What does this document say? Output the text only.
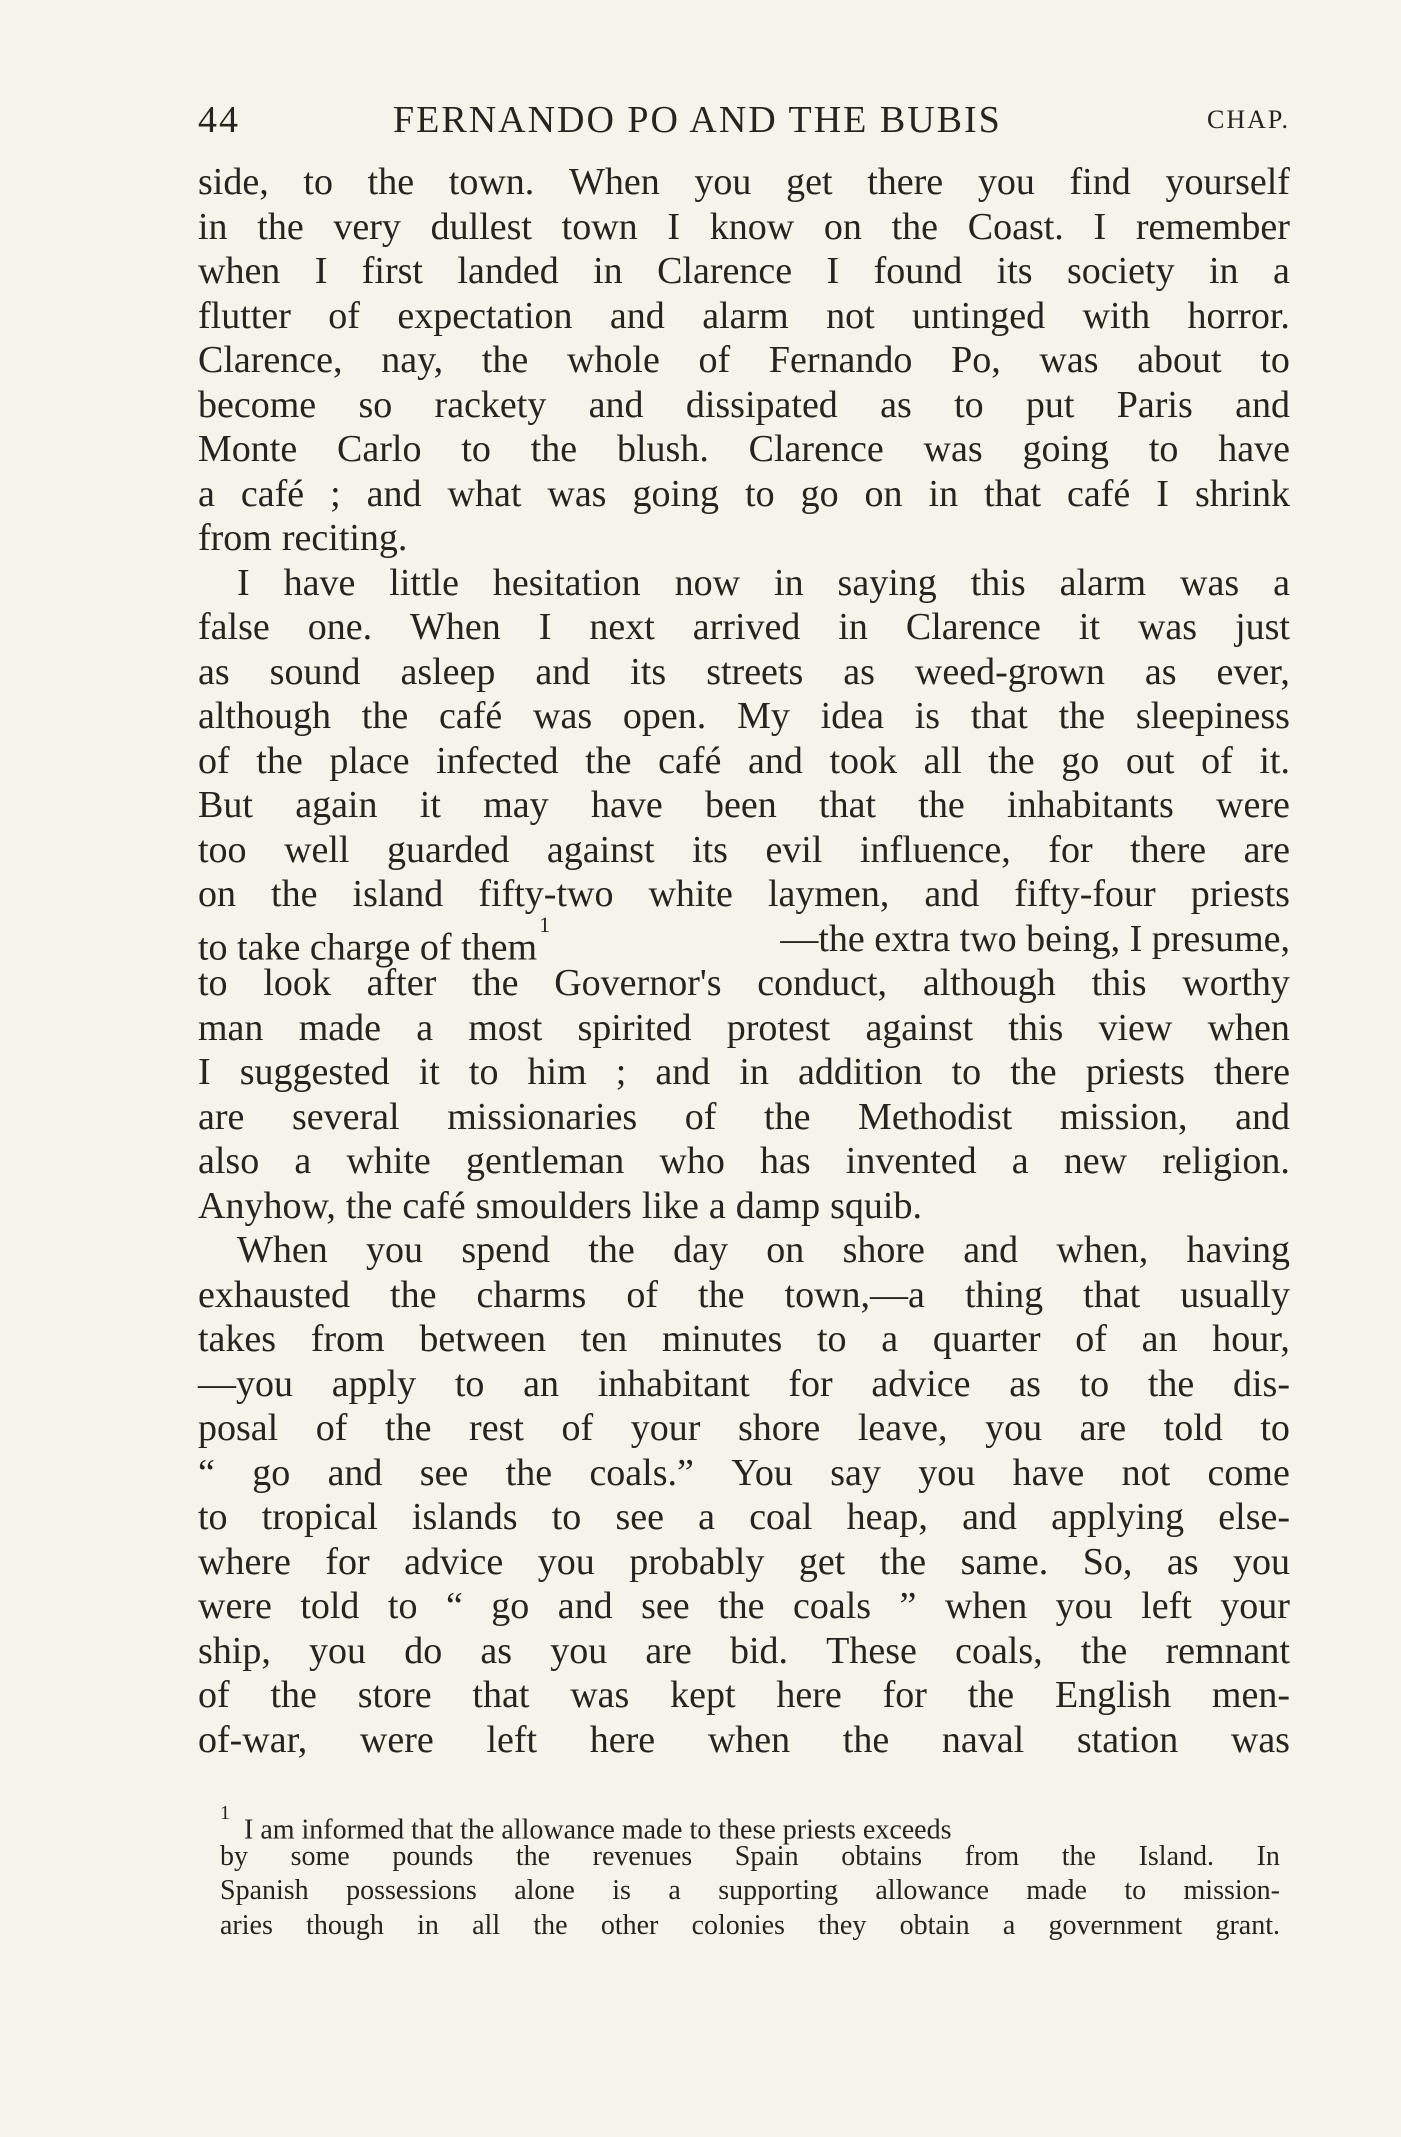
44	FERNANDO PO AND THE BUBIS	CHAP.
side, to the town. When you get there you find yourself
in the very dullest town I know on the Coast. I remember
when I first landed in Clarence I found its society in a
flutter of expectation and alarm not untinged with horror.
Clarence, nay, the whole of Fernando Po, was about to
become so rackety and dissipated as to put Paris and
Monte Carlo to the blush. Clarence was going to have
a café ; and what was going to go on in that café I shrink
from reciting.
I have little hesitation now in saying this alarm was a
false one. When I next arrived in Clarence it was just
as sound asleep and its streets as weed-grown as ever,
although the café was open. My idea is that the sleepiness
of the place infected the café and took all the go out of it.
But again it may have been that the inhabitants were
too well guarded against its evil influence, for there are
on the island fifty-two white laymen, and fifty-four priests
to take charge of them$^1$	—the extra two being, I presume,
to look after the Governor's conduct, although this worthy
man made a most spirited protest against this view when
I suggested it to him ; and in addition to the priests there
are several missionaries of the Methodist mission, and
also a white gentleman who has invented a new religion.
Anyhow, the café smoulders like a damp squib.
When you spend the day on shore and when, having
exhausted the charms of the town,—a thing that usually
takes from between ten minutes to a quarter of an hour,
—you apply to an inhabitant for advice as to the dis-
posal of the rest of your shore leave, you are told to
“ go and see the coals.” You say you have not come
to tropical islands to see a coal heap, and applying else-
where for advice you probably get the same. So, as you
were told to “ go and see the coals ” when you left your
ship, you do as you are bid. These coals, the remnant
of the store that was kept here for the English men-
of-war, were left here when the naval station was
$^1$I am informed that the allowance made to these priests exceeds
by some pounds the revenues Spain obtains from the Island. In
Spanish possessions alone is a supporting allowance made to mission-
aries though in all the other colonies they obtain a government grant.
